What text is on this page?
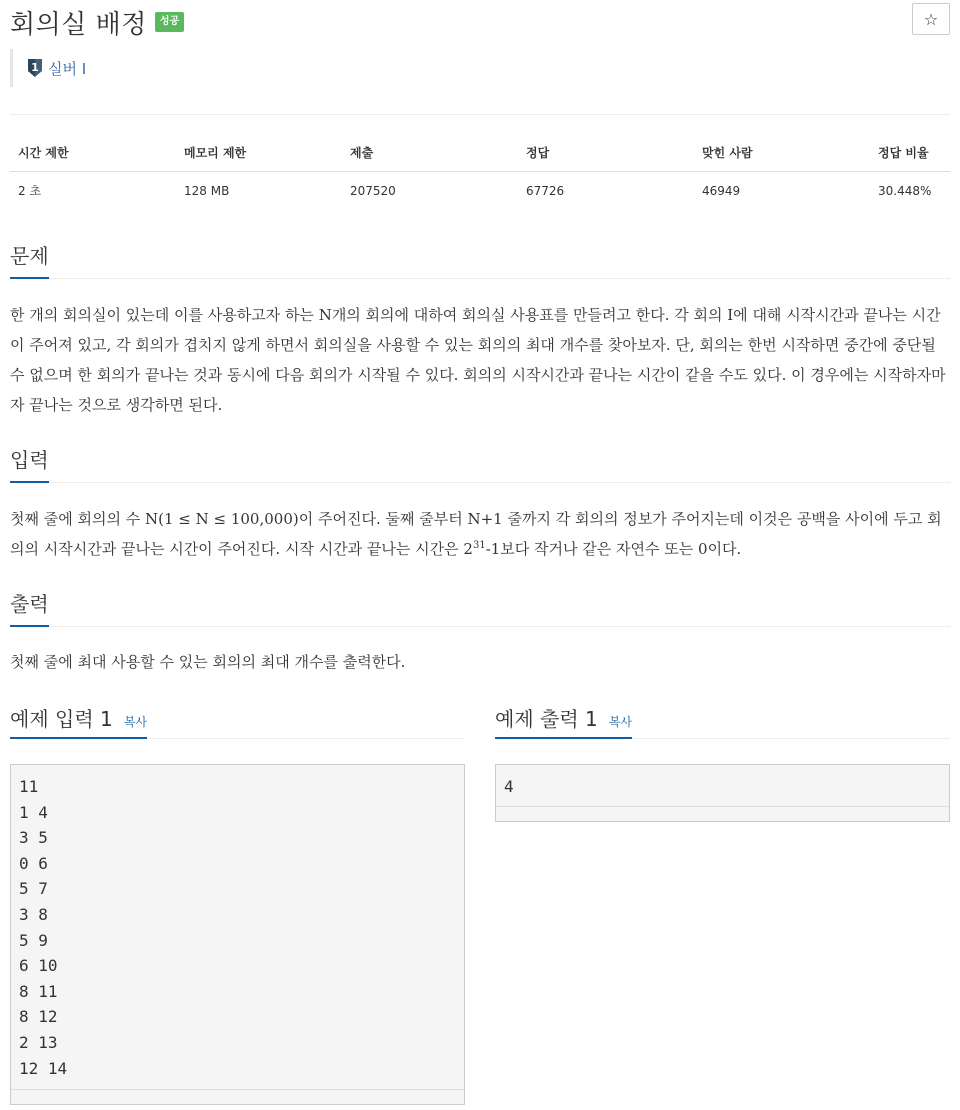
회의실 배정	성공	☆
1 실버 I
시간 제한	메모리 제한	제출	정답	맞힌 사람	정답 비율
2 초	128 MB	207520	67726	46949	30.448%
문제
한 개의 회의실이 있는데 이를 사용하고자 하는 N개의 회의에 대하여 회의실 사용표를 만들려고 한다. 각 회의 I에 대해 시작시간과 끝나는 시간이 주어져 있고, 각 회의가 겹치지 않게 하면서 회의실을 사용할 수 있는 회의의 최대 개수를 찾아보자. 단, 회의는 한번 시작하면 중간에 중단될 수 없으며 한 회의가 끝나는 것과 동시에 다음 회의가 시작될 수 있다. 회의의 시작시간과 끝나는 시간이 같을 수도 있다. 이 경우에는 시작하자마자 끝나는 것으로 생각하면 된다.
입력
첫째 줄에 회의의 수 N(1 ≤ N ≤ 100,000)이 주어진다. 둘째 줄부터 N+1 줄까지 각 회의의 정보가 주어지는데 이것은 공백을 사이에 두고 회의의 시작시간과 끝나는 시간이 주어진다. 시작 시간과 끝나는 시간은 $2^{31}-1$보다 작거나 같은 자연수 또는 0이다.
출력
첫째 줄에 최대 사용할 수 있는 회의의 최대 개수를 출력한다.
예제 입력 1 복사
11
1 4
3 5
0 6
5 7
3 8
5 9
6 10
8 11
8 12
2 13
12 14
예제 출력 1 복사
4
